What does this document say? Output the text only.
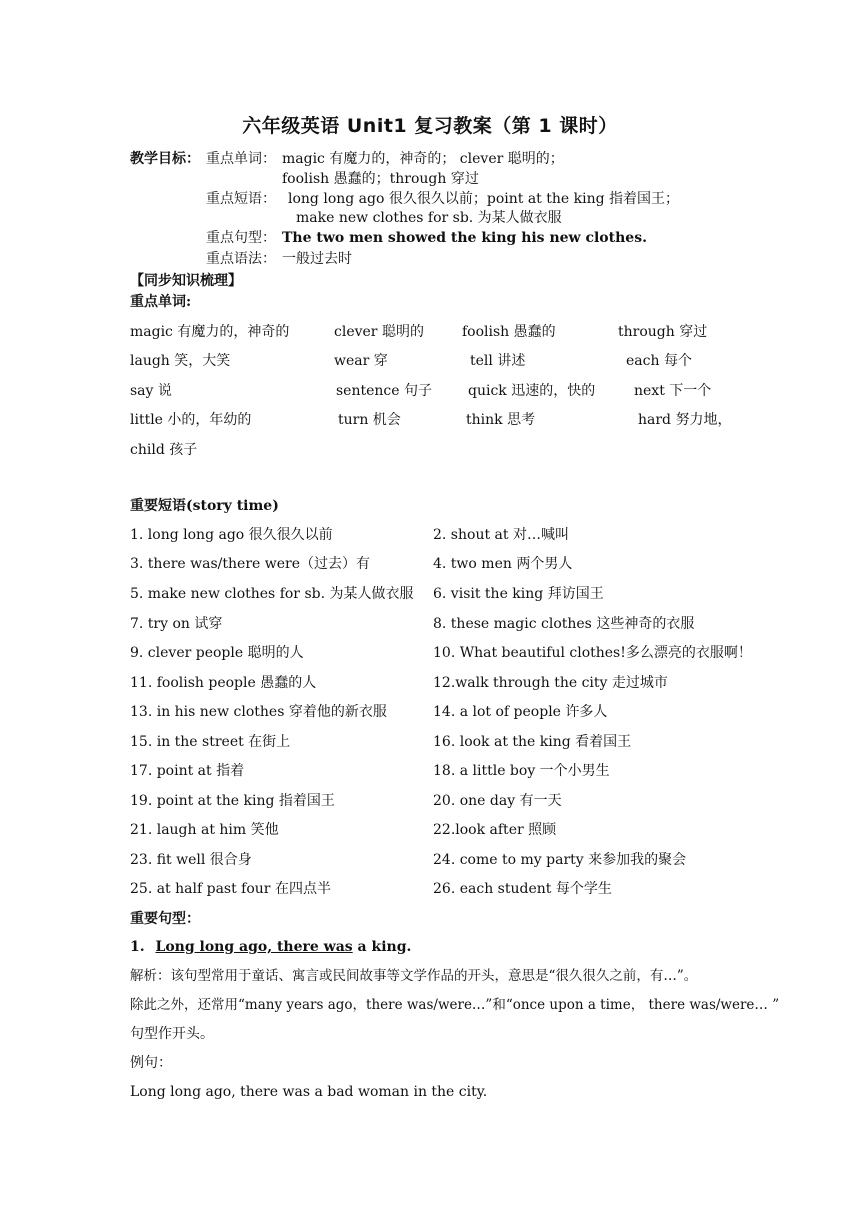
六年级英语 Unit1 复习教案（第 1 课时）
教学目标： 重点单词： magic 有魔力的，神奇的； clever 聪明的；
foolish 愚蠢的；through 穿过
重点短语： long long ago 很久很久以前；point at the king 指着国王；
make new clothes for sb. 为某人做衣服
重点句型： The two men showed the king his new clothes.
重点语法： 一般过去时
【同步知识梳理】
重点单词:
magic 有魔力的，神奇的	clever 聪明的	foolish 愚蠢的	through 穿过
laugh 笑，大笑	wear 穿	tell 讲述	each 每个
say 说	sentence 句子	quick 迅速的，快的	next 下一个
little 小的，年幼的	turn 机会	think 思考	hard 努力地，
child 孩子
重要短语(story time)
1. long long ago 很久很久以前	2. shout at 对…喊叫
3. there was/there were（过去）有	4. two men 两个男人
5. make new clothes for sb. 为某人做衣服 6. visit the king 拜访国王
7. try on 试穿	8. these magic clothes 这些神奇的衣服
9. clever people 聪明的人	10. What beautiful clothes!多么漂亮的衣服啊！
11. foolish people 愚蠢的人	12.walk through the city 走过城市
13. in his new clothes 穿着他的新衣服	14. a lot of people 许多人
15. in the street 在街上	16. look at the king 看着国王
17. point at 指着	18. a little boy 一个小男生
19. point at the king 指着国王	20. one day 有一天
21. laugh at him 笑他	22.look after 照顾
23. fit well 很合身	24. come to my party 来参加我的聚会
25. at half past four 在四点半	26. each student 每个学生
重要句型：
1. Long long ago, there was a king.
解析：该句型常用于童话、寓言或民间故事等文学作品的开头，意思是“很久很久之前，有…”。
除此之外，还常用“many years ago，there was/were…”和“once upon a time， there was/were… ”
句型作开头。
例句：
Long long ago, there was a bad woman in the city.
